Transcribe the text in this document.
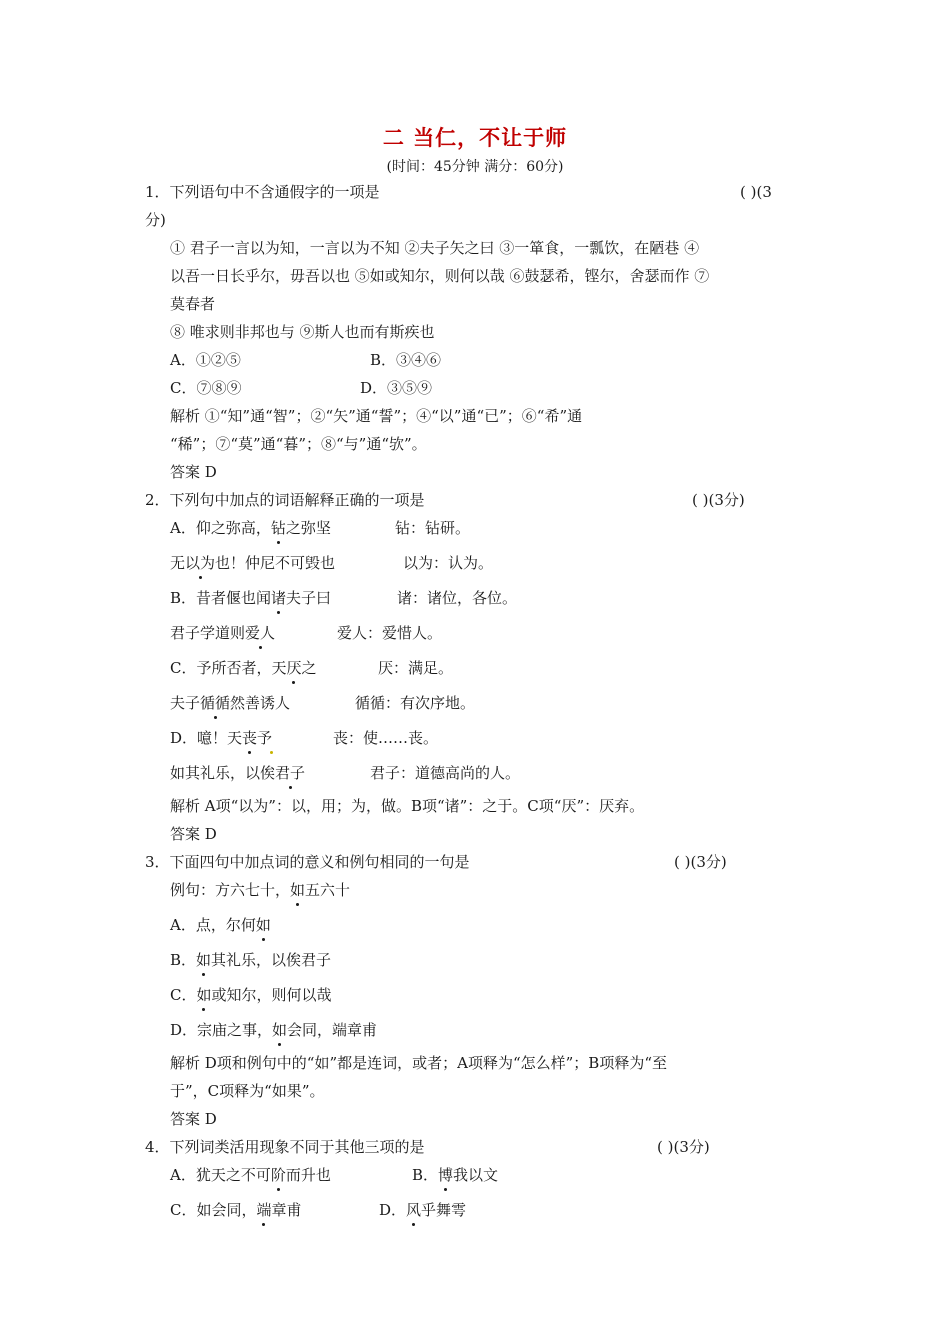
二 当仁，不让于师
(时间：45分钟 满分：60分)
1．下列语句中不含通假字的一项是	( )(3
分)
① 君子一言以为知，一言以为不知 ②夫子矢之曰 ③一箪食，一瓢饮，在陋巷 ④
以吾一日长乎尔，毋吾以也 ⑤如或知尔，则何以哉 ⑥鼓瑟希，铿尔，舍瑟而作 ⑦
莫春者
⑧ 唯求则非邦也与 ⑨斯人也而有斯疾也
A．①②⑤	B．③④⑥
C．⑦⑧⑨	D．③⑤⑨
解析 ①“知”通“智”；②“矢”通“誓”；④“以”通“已”；⑥“希”通
“稀”；⑦“莫”通“暮”；⑧“与”通“欤”。
答案 D
2．下列句中加点的词语解释正确的一项是	( )(3分)
A．仰之弥高，钻之弥坚	钻：钻研。
无以为也！仲尼不可毁也	以为：认为。
B．昔者偃也闻诸夫子曰	诸：诸位，各位。
君子学道则爱人	爱人：爱惜人。
C．予所否者，天厌之	厌：满足。
夫子循循然善诱人	循循：有次序地。
D．噫！天丧予	丧：使……丧。
如其礼乐，以俟君子	君子：道德高尚的人。
解析 A项“以为”：以，用；为，做。B项“诸”：之于。C项“厌”：厌弃。
答案 D
3．下面四句中加点词的意义和例句相同的一句是	( )(3分)
例句：方六七十，如五六十
A．点，尔何如
B．如其礼乐，以俟君子
C．如或知尔，则何以哉
D．宗庙之事，如会同，端章甫
解析 D项和例句中的“如”都是连词，或者；A项释为“怎么样”；B项释为“至
于”，C项释为“如果”。
答案 D
4．下列词类活用现象不同于其他三项的是	( )(3分)
A．犹天之不可阶而升也	B．博我以文
C．如会同，端章甫	D．风乎舞雩
